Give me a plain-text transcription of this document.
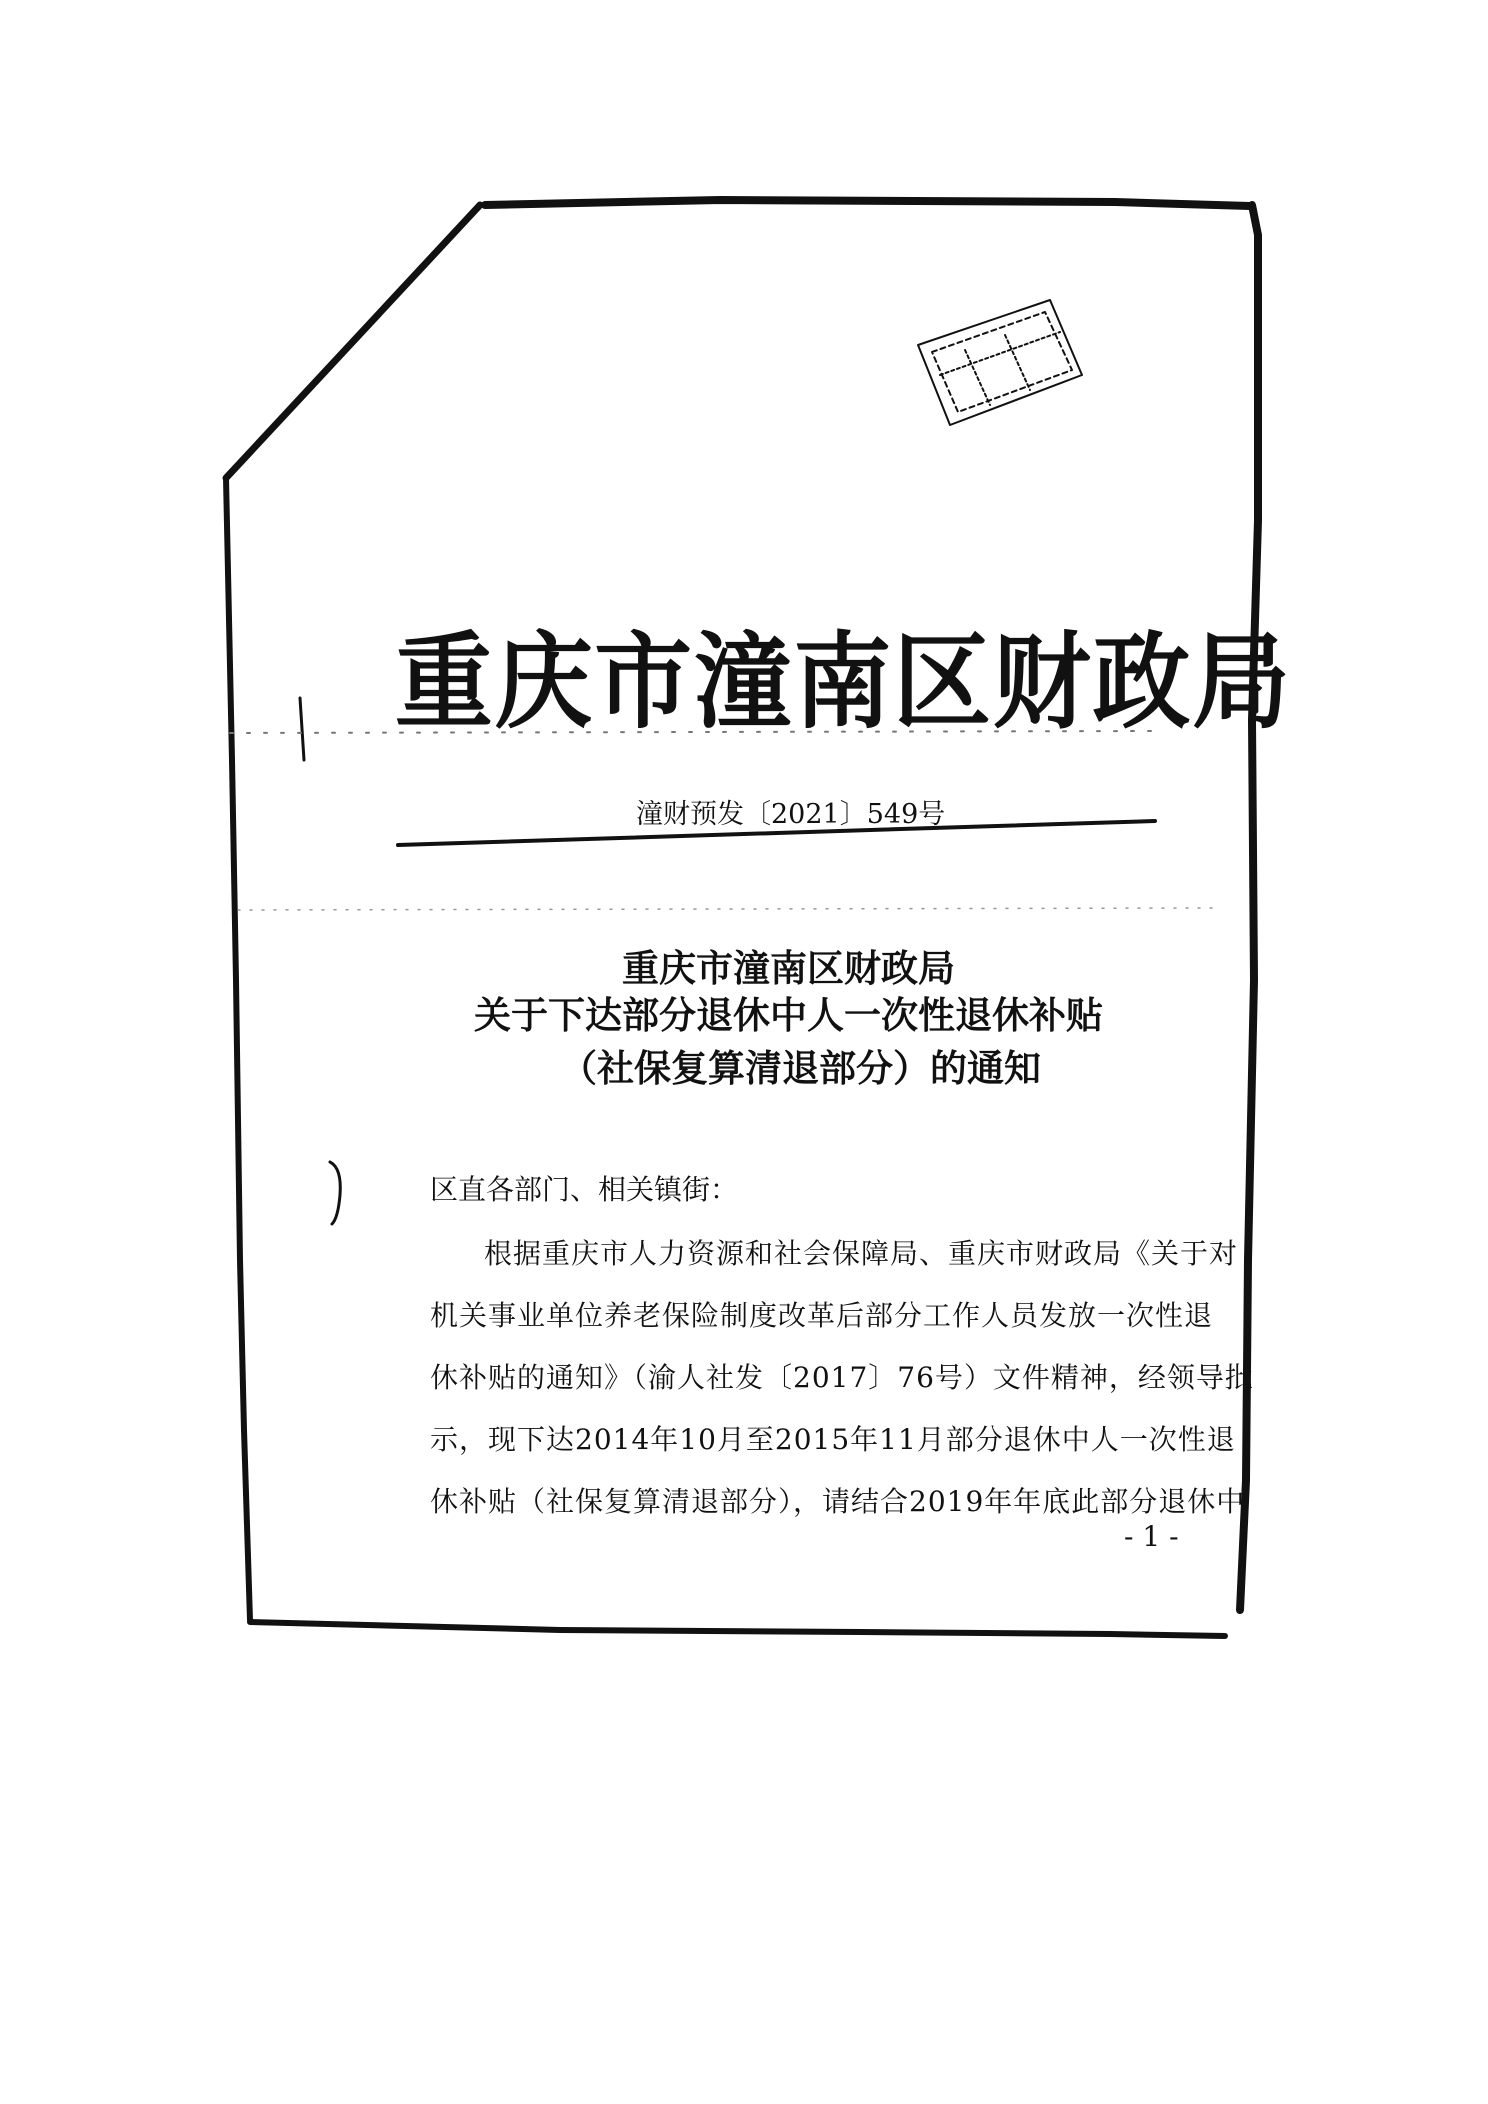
重庆市潼南区财政局
潼财预发〔2021〕549号
重庆市潼南区财政局
关于下达部分退休中人一次性退休补贴
（社保复算清退部分）的通知
区直各部门、相关镇街：
根据重庆市人力资源和社会保障局、重庆市财政局《关于对
机关事业单位养老保险制度改革后部分工作人员发放一次性退
休补贴的通知》（渝人社发〔2017〕76号）文件精神，经领导批
示，现下达2014年10月至2015年11月部分退休中人一次性退
休补贴（社保复算清退部分），请结合2019年年底此部分退休中
- 1 -
